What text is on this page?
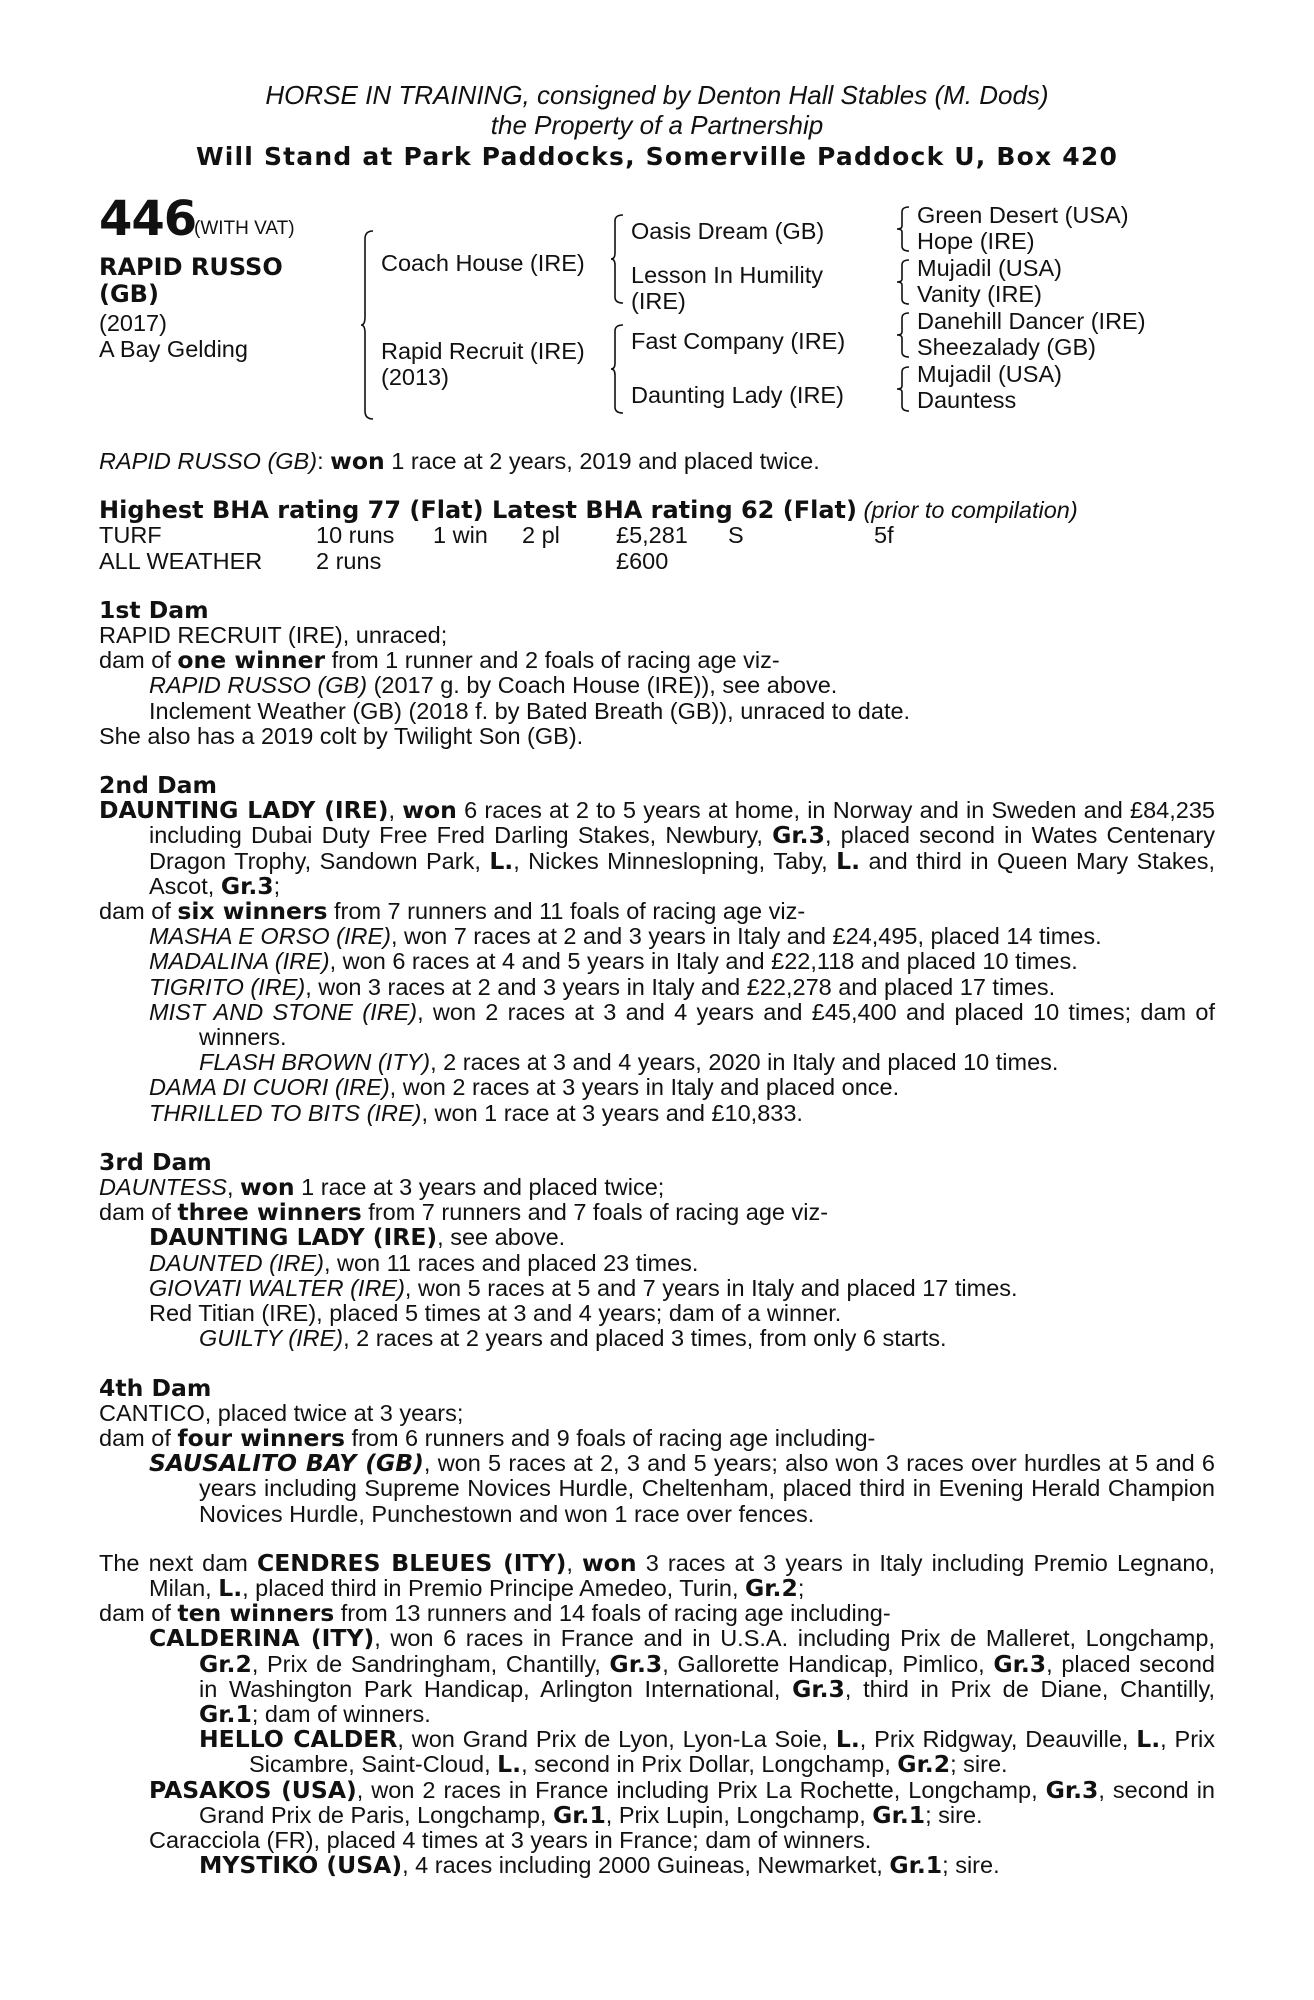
HORSE IN TRAINING, consigned by Denton Hall Stables (M. Dods)
the Property of a Partnership
Will Stand at Park Paddocks, Somerville Paddock U, Box 420
446
(WITH VAT)
RAPID RUSSO
(GB)
(2017)
A Bay Gelding
Coach House (IRE)
Rapid Recruit (IRE)
(2013)
Oasis Dream (GB)
Lesson In Humility
(IRE)
Fast Company (IRE)
Daunting Lady (IRE)
Green Desert (USA)
Hope (IRE)
Mujadil (USA)
Vanity (IRE)
Danehill Dancer (IRE)
Sheezalady (GB)
Mujadil (USA)
Dauntess

RAPID RUSSO (GB): won 1 race at 2 years, 2019 and placed twice.

Highest BHA rating 77 (Flat) Latest BHA rating 62 (Flat) (prior to compilation)

TURF	10 runs	1 win	2 pl	£5,281	S	5f
ALL WEATHER	2 runs	£600

1st Dam

RAPID RECRUIT (IRE), unraced;

dam of one winner from 1 runner and 2 foals of racing age viz-

RAPID RUSSO (GB) (2017 g. by Coach House (IRE)), see above.

Inclement Weather (GB) (2018 f. by Bated Breath (GB)), unraced to date.

She also has a 2019 colt by Twilight Son (GB).

2nd Dam

DAUNTING LADY (IRE), won 6 races at 2 to 5 years at home, in Norway and in Sweden and £84,235 including Dubai Duty Free Fred Darling Stakes, Newbury, Gr.3, placed second in Wates Centenary Dragon Trophy, Sandown Park, L., Nickes Minneslopning, Taby, L. and third in Queen Mary Stakes, Ascot, Gr.3;

dam of six winners from 7 runners and 11 foals of racing age viz-

MASHA E ORSO (IRE), won 7 races at 2 and 3 years in Italy and £24,495, placed 14 times.

MADALINA (IRE), won 6 races at 4 and 5 years in Italy and £22,118 and placed 10 times.

TIGRITO (IRE), won 3 races at 2 and 3 years in Italy and £22,278 and placed 17 times.

MIST AND STONE (IRE), won 2 races at 3 and 4 years and £45,400 and placed 10 times; dam of winners.

FLASH BROWN (ITY), 2 races at 3 and 4 years, 2020 in Italy and placed 10 times.

DAMA DI CUORI (IRE), won 2 races at 3 years in Italy and placed once.

THRILLED TO BITS (IRE), won 1 race at 3 years and £10,833.

3rd Dam

DAUNTESS, won 1 race at 3 years and placed twice;

dam of three winners from 7 runners and 7 foals of racing age viz-

DAUNTING LADY (IRE), see above.

DAUNTED (IRE), won 11 races and placed 23 times.

GIOVATI WALTER (IRE), won 5 races at 5 and 7 years in Italy and placed 17 times.

Red Titian (IRE), placed 5 times at 3 and 4 years; dam of a winner.

GUILTY (IRE), 2 races at 2 years and placed 3 times, from only 6 starts.

4th Dam

CANTICO, placed twice at 3 years;

dam of four winners from 6 runners and 9 foals of racing age including-

SAUSALITO BAY (GB), won 5 races at 2, 3 and 5 years; also won 3 races over hurdles at 5 and 6 years including Supreme Novices Hurdle, Cheltenham, placed third in Evening Herald Champion Novices Hurdle, Punchestown and won 1 race over fences.

The next dam CENDRES BLEUES (ITY), won 3 races at 3 years in Italy including Premio Legnano, Milan, L., placed third in Premio Principe Amedeo, Turin, Gr.2;

dam of ten winners from 13 runners and 14 foals of racing age including-

CALDERINA (ITY), won 6 races in France and in U.S.A. including Prix de Malleret, Longchamp, Gr.2, Prix de Sandringham, Chantilly, Gr.3, Gallorette Handicap, Pimlico, Gr.3, placed second in Washington Park Handicap, Arlington International, Gr.3, third in Prix de Diane, Chantilly, Gr.1; dam of winners.

HELLO CALDER, won Grand Prix de Lyon, Lyon-La Soie, L., Prix Ridgway, Deauville, L., Prix Sicambre, Saint-Cloud, L., second in Prix Dollar, Longchamp, Gr.2; sire.

PASAKOS (USA), won 2 races in France including Prix La Rochette, Longchamp, Gr.3, second in Grand Prix de Paris, Longchamp, Gr.1, Prix Lupin, Longchamp, Gr.1; sire.

Caracciola (FR), placed 4 times at 3 years in France; dam of winners.

MYSTIKO (USA), 4 races including 2000 Guineas, Newmarket, Gr.1; sire.
